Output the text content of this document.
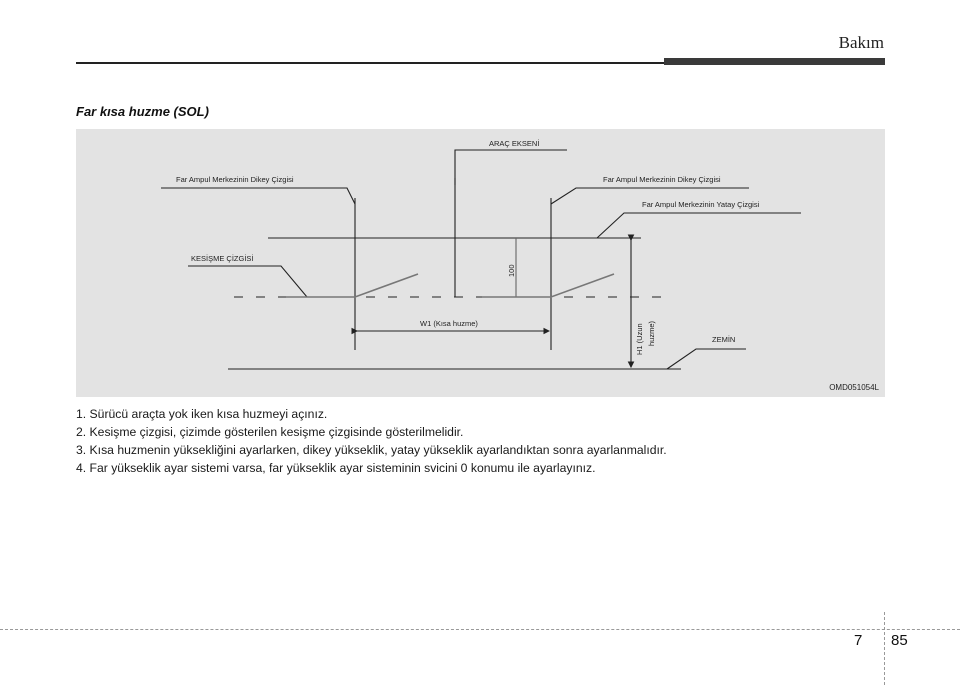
Bakım
Far kısa huzme (SOL)
ARAÇ EKSENİ
Far Ampul Merkezinin Dikey Çizgisi	Far Ampul Merkezinin Dikey Çizgisi
Far Ampul Merkezinin Yatay Çizgisi
KESİŞME ÇİZGİSİ
100
W1 (Kısa huzme)	H1 (Uzun huzme)	ZEMİN
OMD051054L
1. Sürücü araçta yok iken kısa huzmeyi açınız.
2. Kesişme çizgisi, çizimde gösterilen kesişme çizgisinde gösterilmelidir.
3. Kısa huzmenin yüksekliğini ayarlarken, dikey yükseklik, yatay yükseklik ayarlandıktan sonra ayarlanmalıdır.
4. Far yükseklik ayar sistemi varsa, far yükseklik ayar sisteminin svicini 0 konumu ile ayarlayınız.
7 85
